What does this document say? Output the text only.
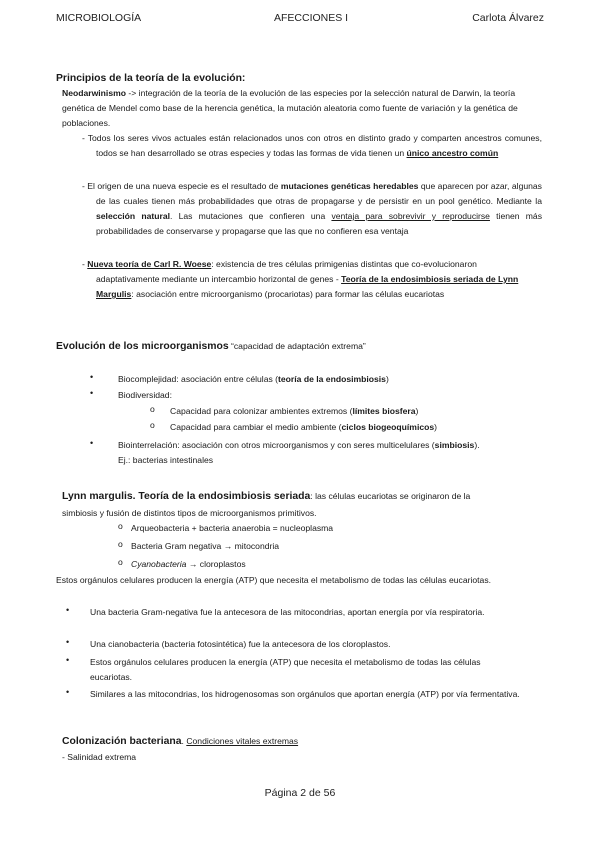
MICROBIOLOGÍA	AFECCIONES I	Carlota Álvarez
Principios de la teoría de la evolución:
Neodarwinismo -> integración de la teoría de la evolución de las especies por la selección natural de Darwin, la teoría genética de Mendel como base de la herencia genética, la mutación aleatoria como fuente de variación y la genética de poblaciones.
- Todos los seres vivos actuales están relacionados unos con otros en distinto grado y comparten ancestros comunes, todos se han desarrollado se otras especies y todas las formas de vida tienen un único ancestro común
- El origen de una nueva especie es el resultado de mutaciones genéticas heredables que aparecen por azar, algunas de las cuales tienen más probabilidades que otras de propagarse y de persistir en un pool genético. Mediante la selección natural. Las mutaciones que confieren una ventaja para sobrevivir y reproducirse tienen más probabilidades de conservarse y propagarse que las que no confieren esa ventaja
- Nueva teoría de Carl R. Woese: existencia de tres células primigenias distintas que co-evolucionaron adaptativamente mediante un intercambio horizontal de genes - Teoría de la endosimbiosis seriada de Lynn Margulis: asociación entre microorganismo (procariotas) para formar las células eucariotas
Evolución de los microorganismos “capacidad de adaptación extrema”
•	Biocomplejidad: asociación entre células (teoría de la endosimbiosis)
•	Biodiversidad:
o Capacidad para colonizar ambientes extremos (límites biosfera)
o Capacidad para cambiar el medio ambiente (ciclos biogeoquímicos)
•	Biointerrelación: asociación con otros microorganismos y con seres multicelulares (simbiosis).
Ej.: bacterias intestinales
Lynn margulis. Teoría de la endosimbiosis seriada: las células eucariotas se originaron de la simbiosis y fusión de distintos tipos de microorganismos primitivos.
o Arqueobacteria + bacteria anaerobia = nucleoplasma
o Bacteria Gram negativa → mitocondria
o Cyanobacteria → cloroplastos
Estos orgánulos celulares producen la energía (ATP) que necesita el metabolismo de todas las células eucariotas.
• Una bacteria Gram-negativa fue la antecesora de las mitocondrias, aportan energía por vía respiratoria.
• Una cianobacteria (bacteria fotosintética) fue la antecesora de los cloroplastos.
• Estos orgánulos celulares producen la energía (ATP) que necesita el metabolismo de todas las células eucariotas.
• Similares a las mitocondrias, los hidrogenosomas son orgánulos que aportan energía (ATP) por vía fermentativa.
Colonización bacteriana. Condiciones vitales extremas
- Salinidad extrema
Página 2 de 56
